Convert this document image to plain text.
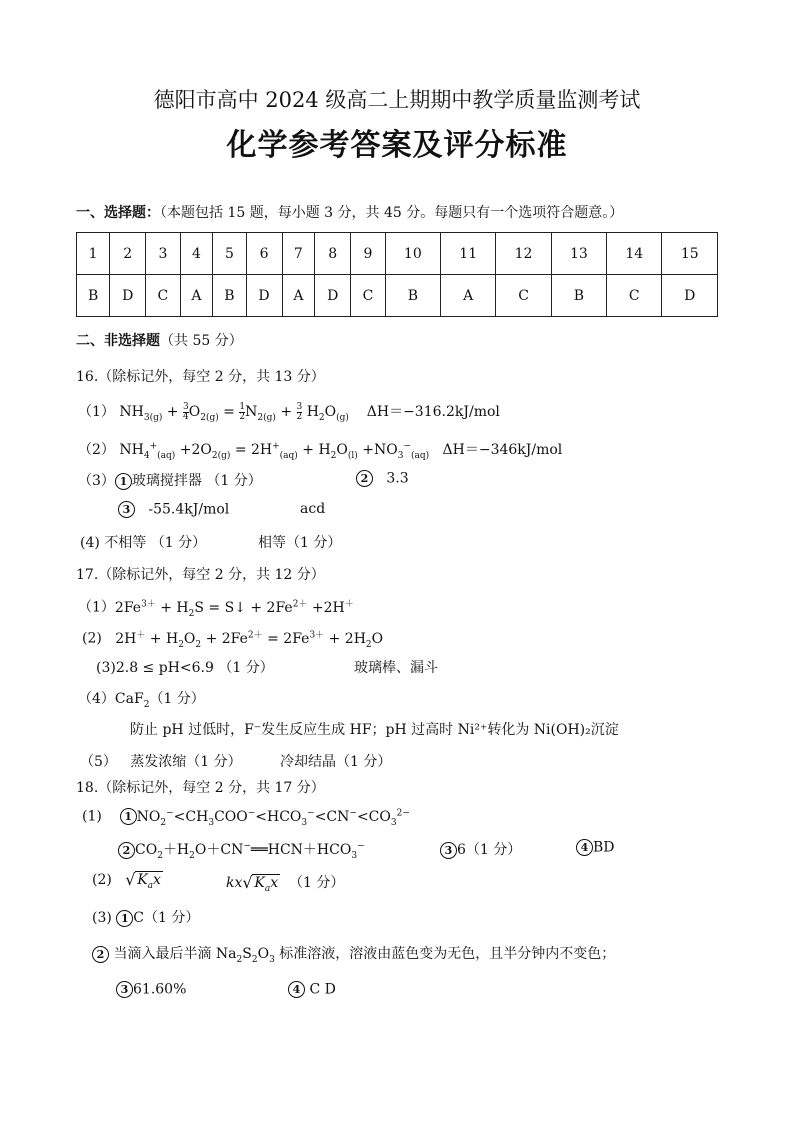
德阳市高中 2024 级高二上期期中教学质量监测考试
化学参考答案及评分标准
一、选择题：（本题包括 15 题，每小题 3 分，共 45 分。每题只有一个选项符合题意。）
1	2	3	4	5	6	7	8	9	10	11	12	13	14	15
B	D	C	A	B	D	A	D	C	B	A	C	B	C	D
二、非选择题（共 55 分）
16.（除标记外，每空 2 分，共 13 分）
（1） $NH_{3(g)} + \frac{3}{4} O_{2(g)} = \frac{1}{2} N_{2(g)} + \frac{3}{2} H_2O_{(g)}$ ΔH＝−316.2kJ/mol
（2） $NH_4^+_{(aq)} +2O_{2(g)} = 2H^+_{(aq)} + H_2O_{(l)} +NO_3^-_{(aq)}$ ΔH＝−346kJ/mol
（3） 1 玻璃搅拌器 （1 分）	2 3.3
3 -55.4kJ/mol	acd
(4) 不相等 （1 分）	相等（1 分）
17.（除标记外，每空 2 分，共 12 分）
$(1)2Fe^{3+} + H_2S$ = S↓ + $2Fe^{2+} +2H^+$
(2) $2H^+ + H_2O_2 + 2Fe^{2+} = 2Fe^{3+} + 2H_2O$
(3)2.8 ≤ pH<6.9 （1 分）	玻璃棒、漏斗
（4）CaF$_2$（1 分）
防止 pH 过低时，F⁻发生反应生成 HF；pH 过高时 Ni²⁺转化为 Ni(OH)₂沉淀
（5） 蒸发浓缩（1 分）	冷却结晶（1 分）
18.（除标记外，每空 2 分，共 17 分）
(1) 1 $NO_2^-<CH_3COO^-<HCO_3^-<CN^-<CO_3^{2-}$
2 $CO_2+H_2O+CN^-══HCN+HCO_3^-$	3 6（1 分）	4 BD
(2) √ $K_ax$	kx √ $K_ax$ （1 分）
(3) 1 C（1 分）
2 当滴入最后半滴 $Na_2S_2O_3$ 标准溶液，溶液由蓝色变为无色，且半分钟内不变色；
3 61.60%	4 C D
